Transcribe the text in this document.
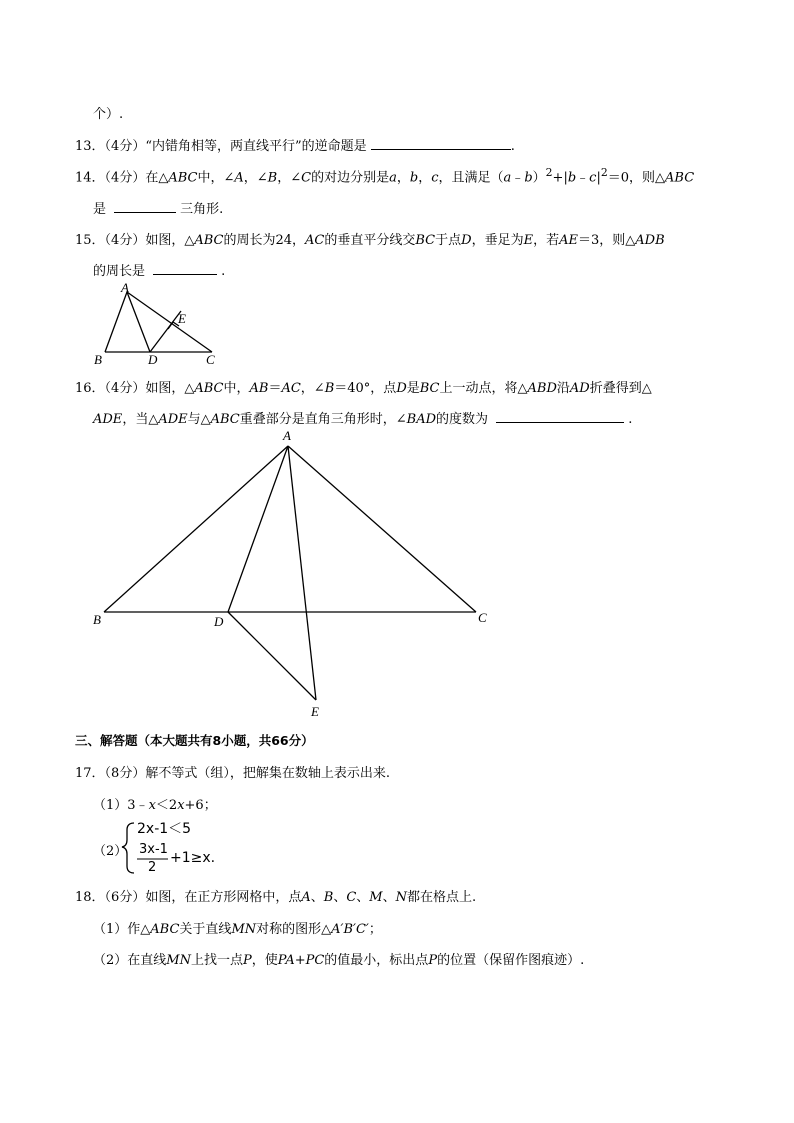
个）.
13．（4分）“内错角相等，两直线平行”的逆命题是	.
14．（4分）在△ABC中，∠A，∠B，∠C的对边分别是a，b，c，且满足$(a﹣b)^2+|b﹣c|^2=0$，则△ABC
是	三角形.
15．（4分）如图，△ABC的周长为24，AC的垂直平分线交BC于点D，垂足为E，若AE＝3，则△ADB
的周长是	.
A
B	C
D
E
A
B	C
D
E
16．（4分）如图，△ABC中，AB＝AC，∠B＝40°，点D是BC上一动点，将△ABD沿AD折叠得到△
ADE，当△ADE与△ABC重叠部分是直角三角形时，∠BAD的度数为	.
三、解答题（本大题共有8小题，共66分）
17．（8分）解不等式（组），把解集在数轴上表示出来.
（1）3﹣x＜2x+6；
（2）
2x-1＜5
3x-1
2
+1≥x.
18．（6分）如图，在正方形网格中，点A、B、C、M、N都在格点上.
（1）作△ABC关于直线MN对称的图形△A′B′C′；
（2）在直线MN上找一点P，使PA+PC的值最小，标出点P的位置（保留作图痕迹）.
